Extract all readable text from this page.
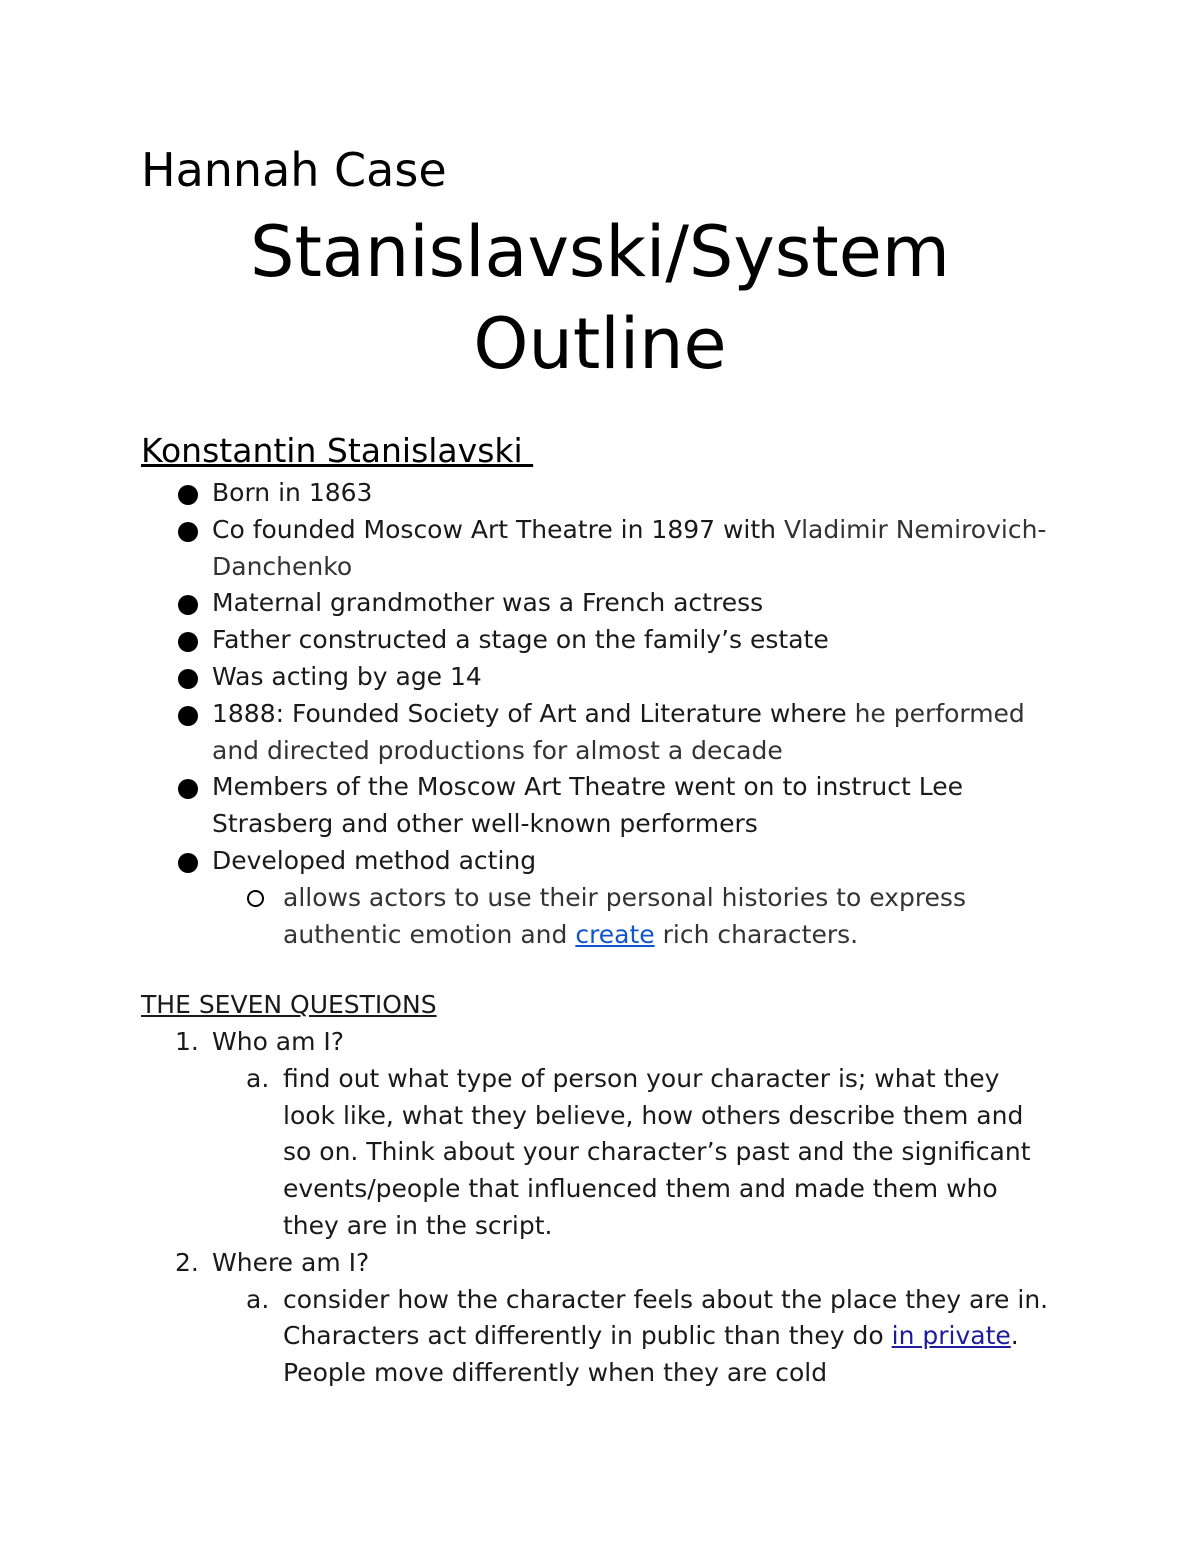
Hannah Case
Stanislavski/System
Outline
Konstantin Stanislavski
Born in 1863
Co founded Moscow Art Theatre in 1897 with Vladimir Nemirovich-Danchenko
Maternal grandmother was a French actress
Father constructed a stage on the family’s estate
Was acting by age 14
1888: Founded Society of Art and Literature where he performed and directed productions for almost a decade
Members of the Moscow Art Theatre went on to instruct Lee Strasberg and other well-known performers
Developed method acting
allows actors to use their personal histories to express authentic emotion and create rich characters.
THE SEVEN QUESTIONS
1. Who am I?
a. find out what type of person your character is; what they look like, what they believe, how others describe them and so on. Think about your character’s past and the significant events/people that influenced them and made them who they are in the script.
2. Where am I?
a. consider how the character feels about the place they are in. Characters act differently in public than they do in private. People move differently when they are cold
